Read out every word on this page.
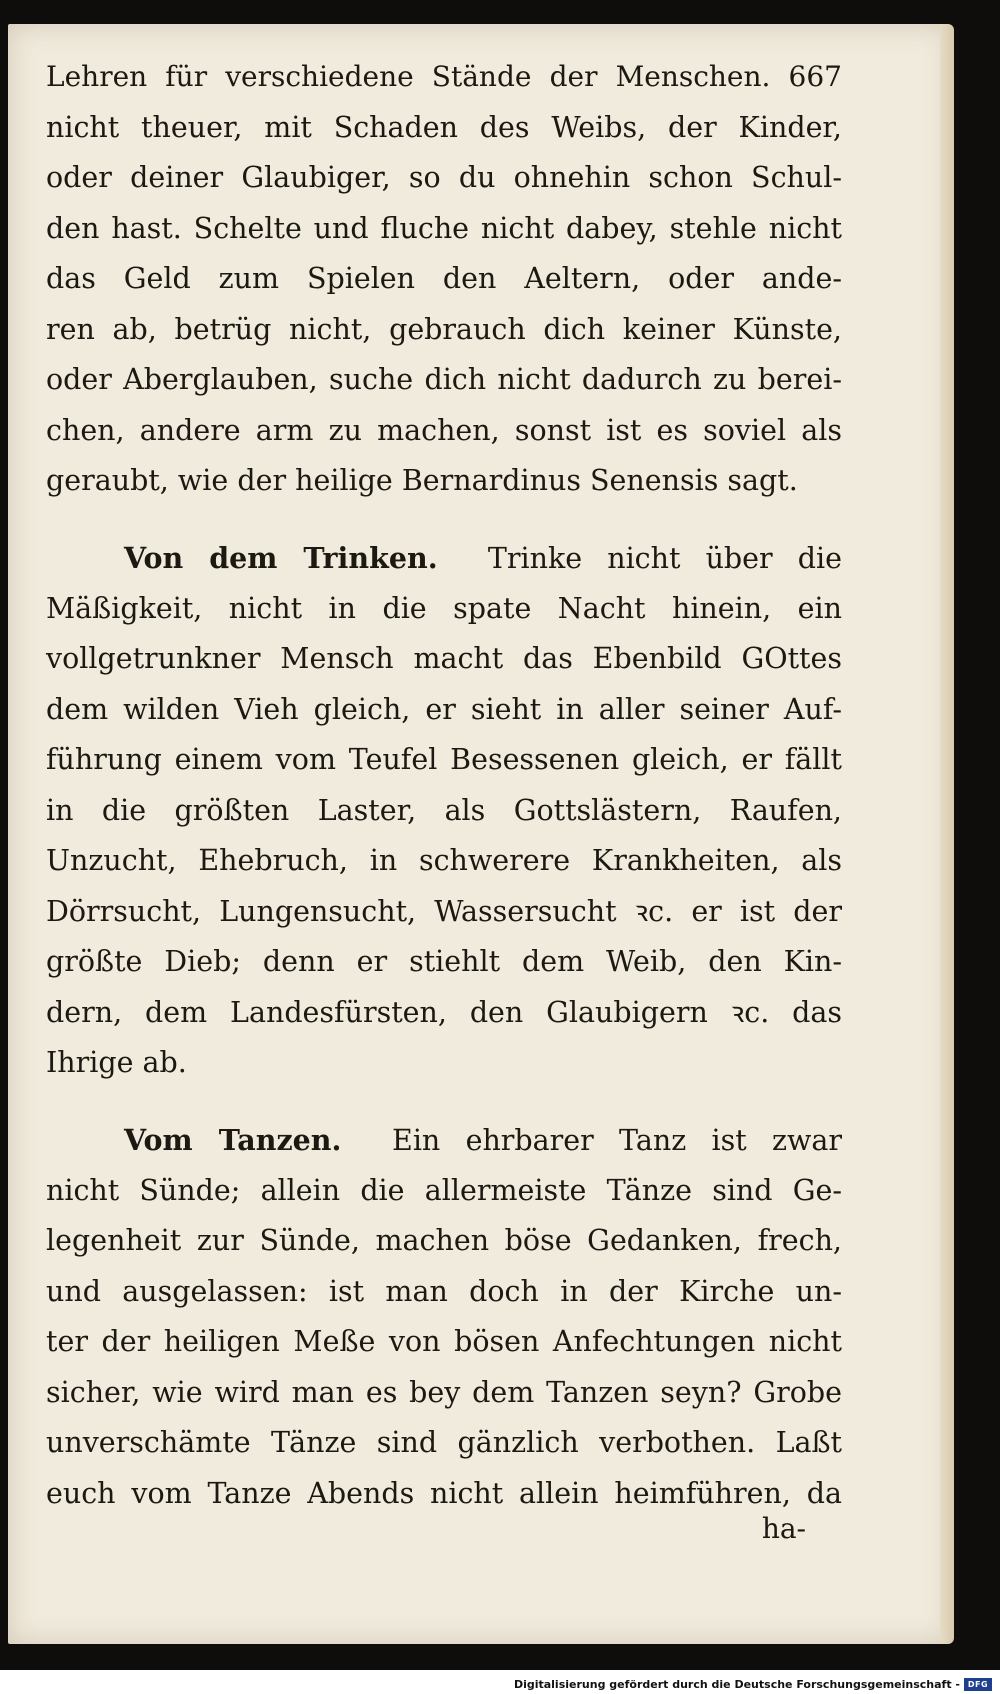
Lehren für verschiedene Stände der Menschen. 667
nicht theuer, mit Schaden des Weibs, der Kinder,
oder deiner Glaubiger, so du ohnehin schon Schul-
den hast. Schelte und fluche nicht dabey, stehle nicht
das Geld zum Spielen den Aeltern, oder ande-
ren ab, betrüg nicht, gebrauch dich keiner Künste,
oder Aberglauben, suche dich nicht dadurch zu berei-
chen, andere arm zu machen, sonst ist es soviel als
geraubt, wie der heilige Bernardinus Senensis sagt.
Von dem Trinken. Trinke nicht über die
Mäßigkeit, nicht in die spate Nacht hinein, ein
vollgetrunkner Mensch macht das Ebenbild GOttes
dem wilden Vieh gleich, er sieht in aller seiner Auf-
führung einem vom Teufel Besessenen gleich, er fällt
in die größten Laster, als Gottslästern, Raufen,
Unzucht, Ehebruch, in schwerere Krankheiten, als
Dörrsucht, Lungensucht, Wassersucht ꝛc. er ist der
größte Dieb; denn er stiehlt dem Weib, den Kin-
dern, dem Landesfürsten, den Glaubigern ꝛc. das
Ihrige ab.
Vom Tanzen. Ein ehrbarer Tanz ist zwar
nicht Sünde; allein die allermeiste Tänze sind Ge-
legenheit zur Sünde, machen böse Gedanken, frech,
und ausgelassen: ist man doch in der Kirche un-
ter der heiligen Meße von bösen Anfechtungen nicht
sicher, wie wird man es bey dem Tanzen seyn? Grobe
unverschämte Tänze sind gänzlich verbothen. Laßt
euch vom Tanze Abends nicht allein heimführen, da
ha-
Digitalisierung gefördert durch die Deutsche Forschungsgemeinschaft - DFG
